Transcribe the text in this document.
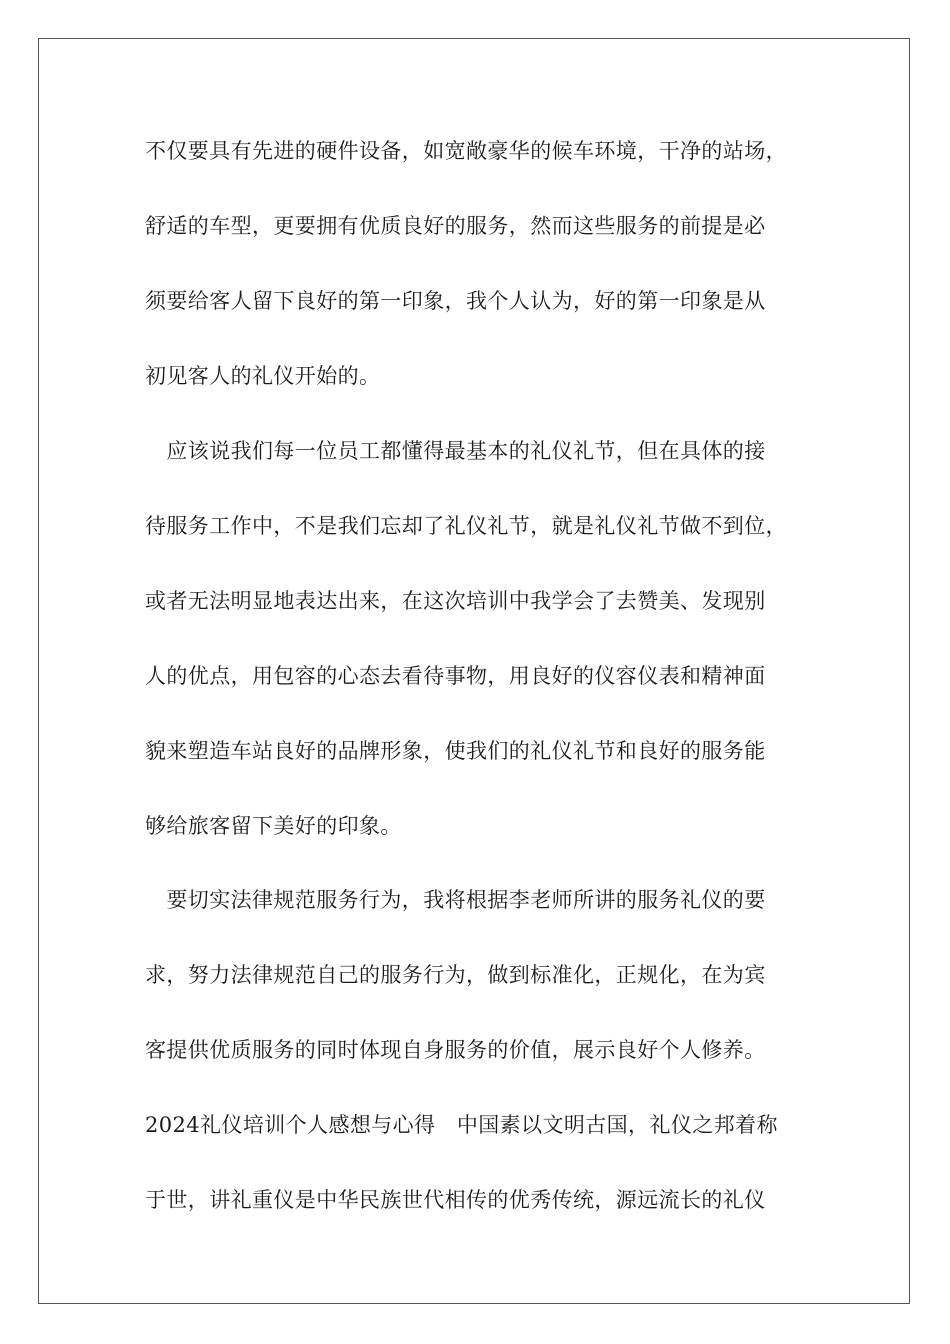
不仅要具有先进的硬件设备，如宽敞豪华的候车环境，干净的站场，
舒适的车型，更要拥有优质良好的服务，然而这些服务的前提是必
须要给客人留下良好的第一印象，我个人认为，好的第一印象是从
初见客人的礼仪开始的。
　应该说我们每一位员工都懂得最基本的礼仪礼节，但在具体的接
待服务工作中，不是我们忘却了礼仪礼节，就是礼仪礼节做不到位，
或者无法明显地表达出来，在这次培训中我学会了去赞美、发现别
人的优点，用包容的心态去看待事物，用良好的仪容仪表和精神面
貌来塑造车站良好的品牌形象，使我们的礼仪礼节和良好的服务能
够给旅客留下美好的印象。
　要切实法律规范服务行为，我将根据李老师所讲的服务礼仪的要
求，努力法律规范自己的服务行为，做到标准化，正规化，在为宾
客提供优质服务的同时体现自身服务的价值，展示良好个人修养。
2024礼仪培训个人感想与心得　中国素以文明古国，礼仪之邦着称
于世，讲礼重仪是中华民族世代相传的优秀传统，源远流长的礼仪
